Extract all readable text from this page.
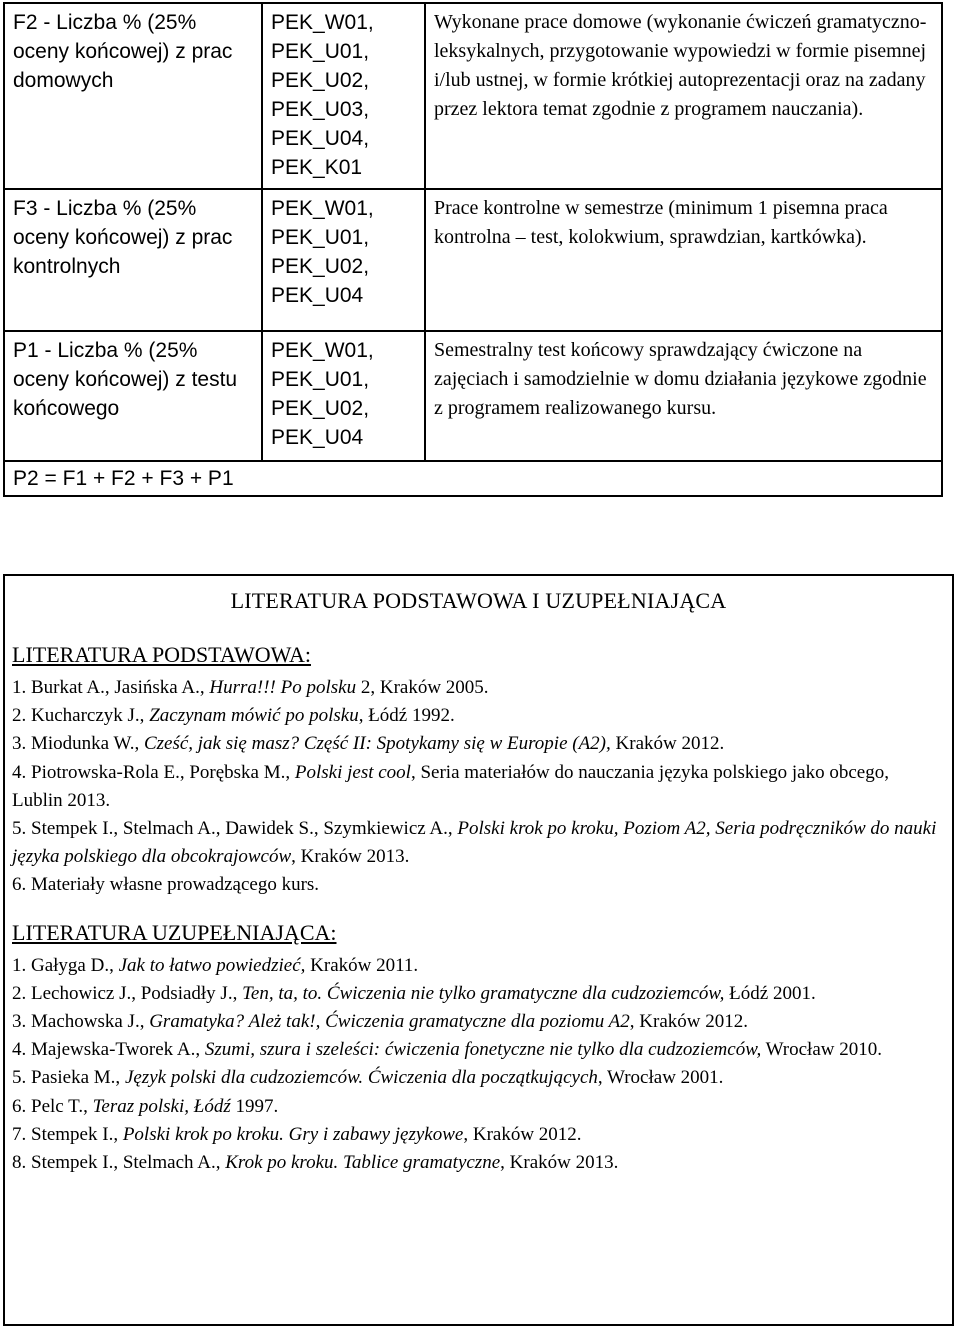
F2 - Liczba % (25% oceny końcowej) z prac domowych	PEK_W01, PEK_U01, PEK_U02, PEK_U03, PEK_U04, PEK_K01	Wykonane prace domowe (wykonanie ćwiczeń gramatyczno-leksykalnych, przygotowanie wypowiedzi w formie pisemnej i/lub ustnej, w formie krótkiej autoprezentacji oraz na zadany przez lektora temat zgodnie z programem nauczania).
F3 - Liczba % (25% oceny końcowej) z prac kontrolnych	PEK_W01, PEK_U01, PEK_U02, PEK_U04	Prace kontrolne w semestrze (minimum 1 pisemna praca kontrolna – test, kolokwium, sprawdzian, kartkówka).
P1 - Liczba % (25% oceny końcowej) z testu końcowego	PEK_W01, PEK_U01, PEK_U02, PEK_U04	Semestralny test końcowy sprawdzający ćwiczone na zajęciach i samodzielnie w domu działania językowe zgodnie z programem realizowanego kursu.
P2 = F1 + F2 + F3 + P1		
LITERATURA PODSTAWOWA I UZUPEŁNIAJĄCA
LITERATURA PODSTAWOWA:

1. Burkat A., Jasińska A., Hurra!!! Po polsku 2, Kraków 2005.

2. Kucharczyk J., Zaczynam mówić po polsku, Łódź 1992.

3. Miodunka W., Cześć, jak się masz? Część II: Spotykamy się w Europie (A2), Kraków 2012.

4. Piotrowska-Rola E., Porębska M., Polski jest cool, Seria materiałów do nauczania języka polskiego jako obcego, Lublin 2013.

5. Stempek I., Stelmach A., Dawidek S., Szymkiewicz A., Polski krok po kroku, Poziom A2, Seria podręczników do nauki języka polskiego dla obcokrajowców, Kraków 2013.

6. Materiały własne prowadzącego kurs.

LITERATURA UZUPEŁNIAJĄCA:

1. Gałyga D., Jak to łatwo powiedzieć, Kraków 2011.

2. Lechowicz J., Podsiadły J., Ten, ta, to. Ćwiczenia nie tylko gramatyczne dla cudzoziemców, Łódź 2001.

3. Machowska J., Gramatyka? Ależ tak!, Ćwiczenia gramatyczne dla poziomu A2, Kraków 2012.

4. Majewska-Tworek A., Szumi, szura i szeleści: ćwiczenia fonetyczne nie tylko dla cudzoziemców, Wrocław 2010.

5. Pasieka M., Język polski dla cudzoziemców. Ćwiczenia dla początkujących, Wrocław 2001.

6. Pelc T., Teraz polski, Łódź 1997.

7. Stempek I., Polski krok po kroku. Gry i zabawy językowe, Kraków 2012.

8. Stempek I., Stelmach A., Krok po kroku. Tablice gramatyczne, Kraków 2013.
